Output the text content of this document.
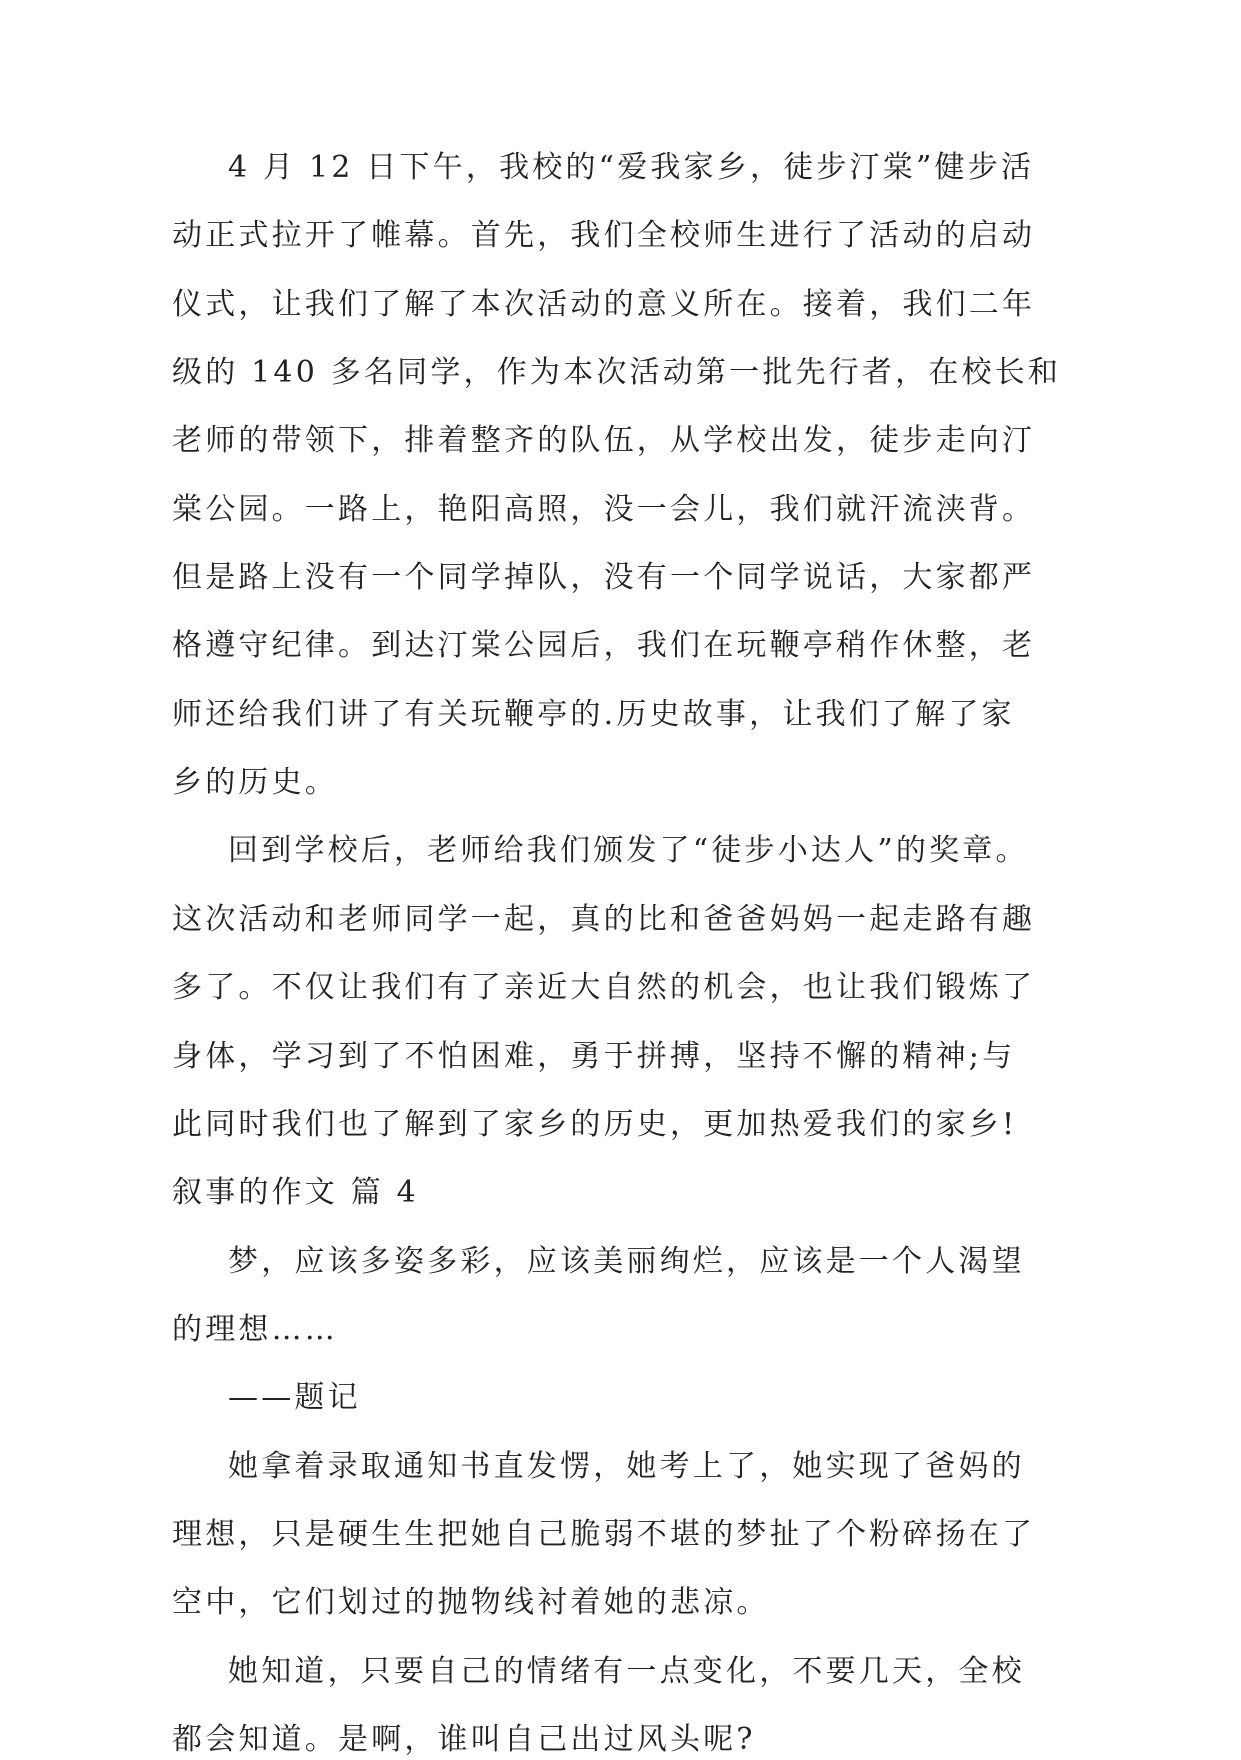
4 月 12 日下午，我校的“爱我家乡，徒步汀棠”健步活
动正式拉开了帷幕。首先，我们全校师生进行了活动的启动
仪式，让我们了解了本次活动的意义所在。接着，我们二年
级的 140 多名同学，作为本次活动第一批先行者，在校长和
老师的带领下，排着整齐的队伍，从学校出发，徒步走向汀
棠公园。一路上，艳阳高照，没一会儿，我们就汗流浃背。
但是路上没有一个同学掉队，没有一个同学说话，大家都严
格遵守纪律。到达汀棠公园后，我们在玩鞭亭稍作休整，老
师还给我们讲了有关玩鞭亭的.历史故事，让我们了解了家
乡的历史。
回到学校后，老师给我们颁发了“徒步小达人”的奖章。
这次活动和老师同学一起，真的比和爸爸妈妈一起走路有趣
多了。不仅让我们有了亲近大自然的机会，也让我们锻炼了
身体，学习到了不怕困难，勇于拼搏，坚持不懈的精神;与
此同时我们也了解到了家乡的历史，更加热爱我们的家乡!
叙事的作文 篇 4
梦，应该多姿多彩，应该美丽绚烂，应该是一个人渴望
的理想……
——题记
她拿着录取通知书直发愣，她考上了，她实现了爸妈的
理想，只是硬生生把她自己脆弱不堪的梦扯了个粉碎扬在了
空中，它们划过的抛物线衬着她的悲凉。
她知道，只要自己的情绪有一点变化，不要几天，全校
都会知道。是啊，谁叫自己出过风头呢?
